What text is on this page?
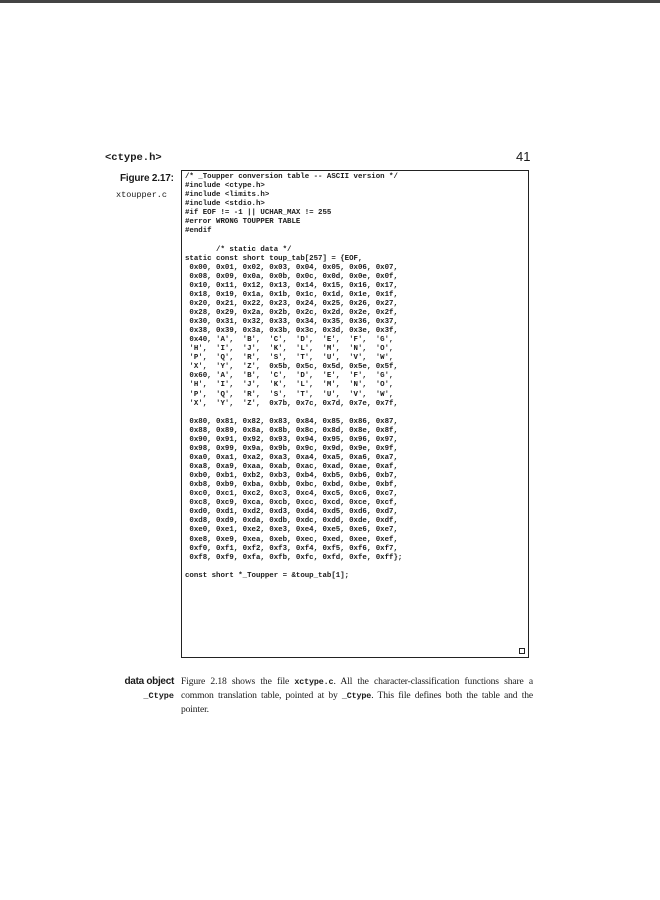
<ctype.h>	41
Figure 2.17:
xtoupper.c
/* _Toupper conversion table -- ASCII version */
#include <ctype.h>
#include <limits.h>
#include <stdio.h>
#if EOF != -1 || UCHAR_MAX != 255
#error WRONG TOUPPER TABLE
#endif

/* static data */
static const short toup_tab[257] = {EOF,
0x00, 0x01, 0x02, 0x03, 0x04, 0x05, 0x06, 0x07,
0x08, 0x09, 0x0a, 0x0b, 0x0c, 0x0d, 0x0e, 0x0f,
0x10, 0x11, 0x12, 0x13, 0x14, 0x15, 0x16, 0x17,
0x18, 0x19, 0x1a, 0x1b, 0x1c, 0x1d, 0x1e, 0x1f,
0x20, 0x21, 0x22, 0x23, 0x24, 0x25, 0x26, 0x27,
0x28, 0x29, 0x2a, 0x2b, 0x2c, 0x2d, 0x2e, 0x2f,
0x30, 0x31, 0x32, 0x33, 0x34, 0x35, 0x36, 0x37,
0x38, 0x39, 0x3a, 0x3b, 0x3c, 0x3d, 0x3e, 0x3f,
0x40, 'A',  'B',  'C',  'D',  'E',  'F',  'G',
'H',  'I',  'J',  'K',  'L',  'M',  'N',  'O',
'P',  'Q',  'R',  'S',  'T',  'U',  'V',  'W',
'X',  'Y',  'Z',  0x5b, 0x5c, 0x5d, 0x5e, 0x5f,
0x60, 'A',  'B',  'C',  'D',  'E',  'F',  'G',
'H',  'I',  'J',  'K',  'L',  'M',  'N',  'O',
'P',  'Q',  'R',  'S',  'T',  'U',  'V',  'W',
'X',  'Y',  'Z',  0x7b, 0x7c, 0x7d, 0x7e, 0x7f,

0x80, 0x81, 0x82, 0x83, 0x84, 0x85, 0x86, 0x87,
0x88, 0x89, 0x8a, 0x8b, 0x8c, 0x8d, 0x8e, 0x8f,
0x90, 0x91, 0x92, 0x93, 0x94, 0x95, 0x96, 0x97,
0x98, 0x99, 0x9a, 0x9b, 0x9c, 0x9d, 0x9e, 0x9f,
0xa0, 0xa1, 0xa2, 0xa3, 0xa4, 0xa5, 0xa6, 0xa7,
0xa8, 0xa9, 0xaa, 0xab, 0xac, 0xad, 0xae, 0xaf,
0xb0, 0xb1, 0xb2, 0xb3, 0xb4, 0xb5, 0xb6, 0xb7,
0xb8, 0xb9, 0xba, 0xbb, 0xbc, 0xbd, 0xbe, 0xbf,
0xc0, 0xc1, 0xc2, 0xc3, 0xc4, 0xc5, 0xc6, 0xc7,
0xc8, 0xc9, 0xca, 0xcb, 0xcc, 0xcd, 0xce, 0xcf,
0xd0, 0xd1, 0xd2, 0xd3, 0xd4, 0xd5, 0xd6, 0xd7,
0xd8, 0xd9, 0xda, 0xdb, 0xdc, 0xdd, 0xde, 0xdf,
0xe0, 0xe1, 0xe2, 0xe3, 0xe4, 0xe5, 0xe6, 0xe7,
0xe8, 0xe9, 0xea, 0xeb, 0xec, 0xed, 0xee, 0xef,
0xf0, 0xf1, 0xf2, 0xf3, 0xf4, 0xf5, 0xf6, 0xf7,
0xf8, 0xf9, 0xfa, 0xfb, 0xfc, 0xfd, 0xfe, 0xff};

const short *_Toupper = &toup_tab[1];
data object
_Ctype
Figure 2.18 shows the file xctype.c. All the character-classification functions share a common translation table, pointed at by _Ctype. This file defines both the table and the pointer.
